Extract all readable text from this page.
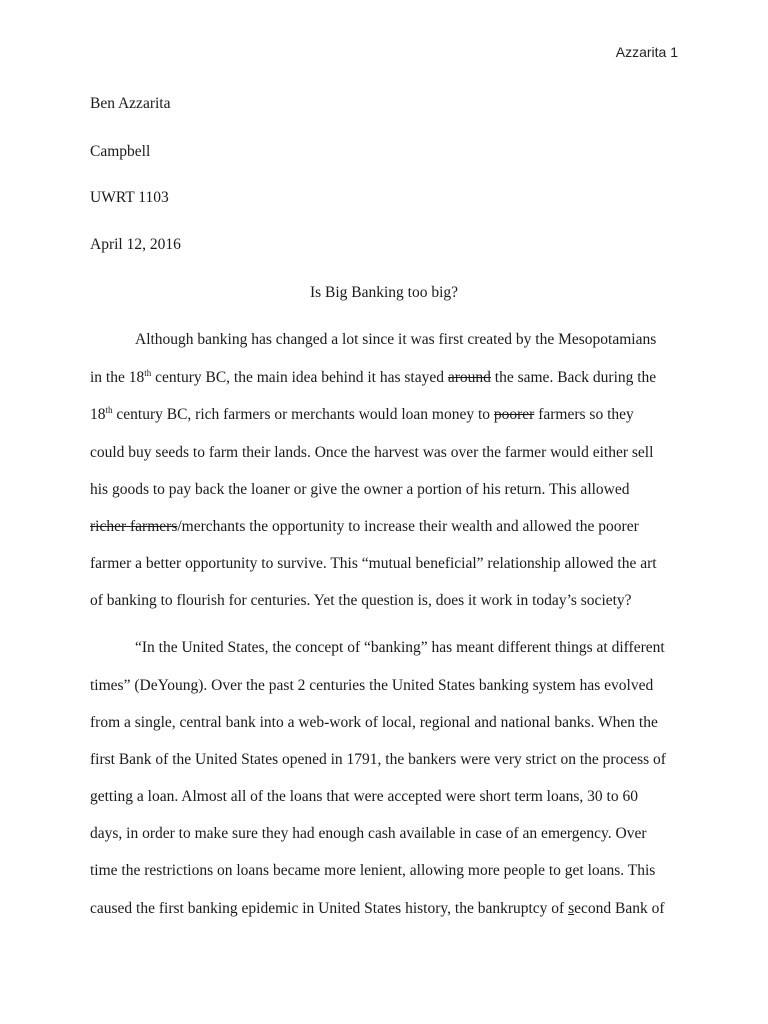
Azzarita 1
Ben Azzarita
Campbell
UWRT 1103
April 12, 2016
Is Big Banking too big?
Although banking has changed a lot since it was first created by the Mesopotamians
in the 18th century BC, the main idea behind it has stayed around the same. Back during the
18th century BC, rich farmers or merchants would loan money to poorer farmers so they
could buy seeds to farm their lands. Once the harvest was over the farmer would either sell
his goods to pay back the loaner or give the owner a portion of his return. This allowed
richer farmers/merchants the opportunity to increase their wealth and allowed the poorer
farmer a better opportunity to survive. This “mutual beneficial” relationship allowed the art
of banking to flourish for centuries. Yet the question is, does it work in today’s society?
“In the United States, the concept of “banking” has meant different things at different
times” (DeYoung). Over the past 2 centuries the United States banking system has evolved
from a single, central bank into a web-work of local, regional and national banks. When the
first Bank of the United States opened in 1791, the bankers were very strict on the process of
getting a loan. Almost all of the loans that were accepted were short term loans, 30 to 60
days, in order to make sure they had enough cash available in case of an emergency. Over
time the restrictions on loans became more lenient, allowing more people to get loans. This
caused the first banking epidemic in United States history, the bankruptcy of second Bank of
